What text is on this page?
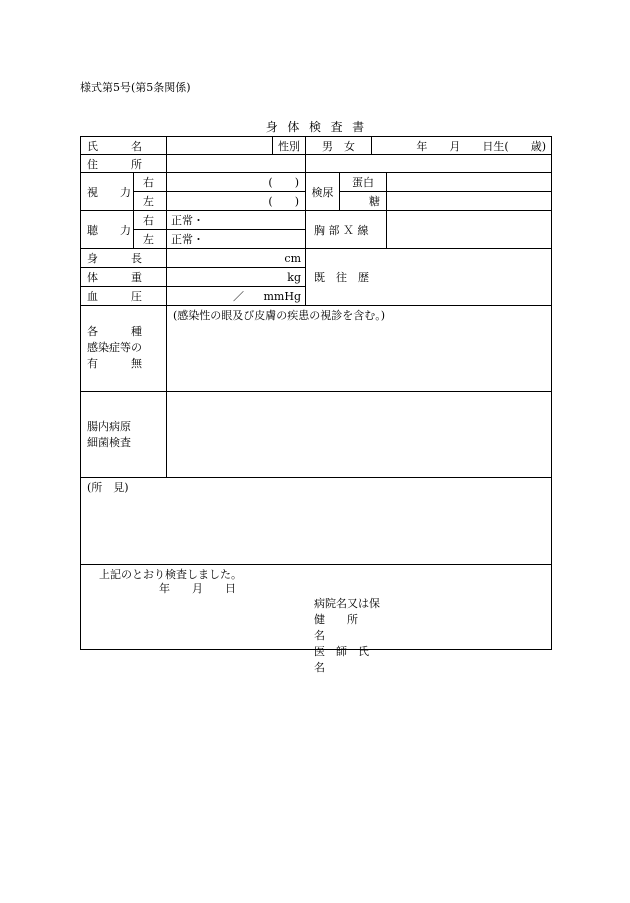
様式第5号(第5条関係)
身体検査書
氏　　　名	性別 男　女	年　　月　　日生(　　歳)
住　　　所
視　　力
右
左
(　　)
(　　)
検尿
蛋白
糖
聴　　力
右
左
正常・
正常・
胸 部 Ｘ 線
身　　　長
体　　　重
血　　　圧
cm
kg
／ mmHg
既　往　歴
各　　　種
感染症等の
有　　　無
(感染性の眼及び皮膚の疾患の視診を含む。)
腸内病原
細菌検査
(所　見)
上記のとおり検査しました。
年　　月　　日
病院名又は保
健　　所　　名
医　師　氏　名
